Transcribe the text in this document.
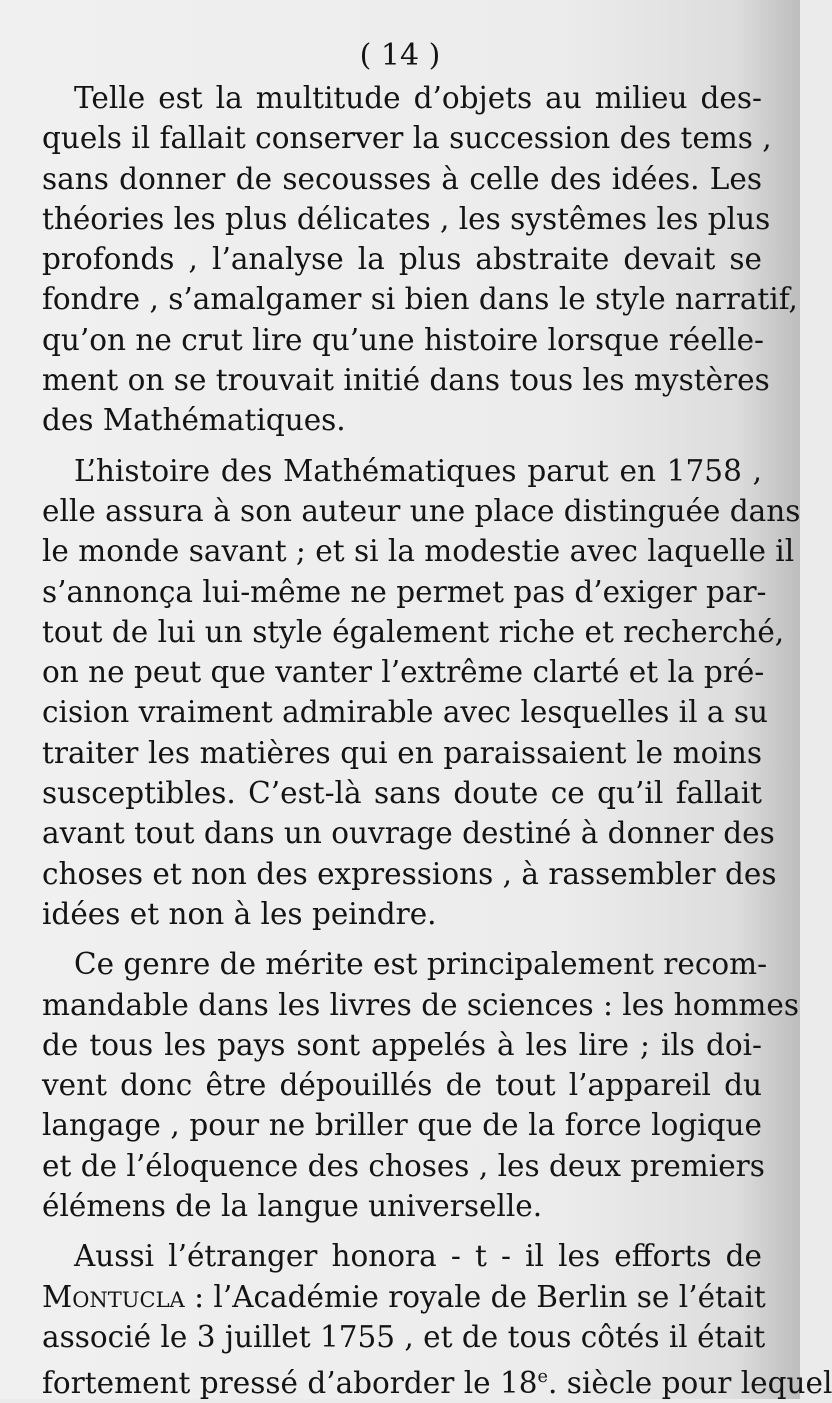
( 14 )
Telle est la multitude d’objets au milieu des-
quels il fallait conserver la succession des tems ,
sans donner de secousses à celle des idées. Les
théories les plus délicates , les systêmes les plus
profonds , l’analyse la plus abstraite devait se
fondre , s’amalgamer si bien dans le style narratif,
qu’on ne crut lire qu’une histoire lorsque réelle-
ment on se trouvait initié dans tous les mystères
des Mathématiques.
L’histoire des Mathématiques parut en 1758 ,
elle assura à son auteur une place distinguée dans
le monde savant ; et si la modestie avec laquelle il
s’annonça lui-même ne permet pas d’exiger par-
tout de lui un style également riche et recherché,
on ne peut que vanter l’extrême clarté et la pré-
cision vraiment admirable avec lesquelles il a su
traiter les matières qui en paraissaient le moins
susceptibles. C’est-là sans doute ce qu’il fallait
avant tout dans un ouvrage destiné à donner des
choses et non des expressions , à rassembler des
idées et non à les peindre.
Ce genre de mérite est principalement recom-
mandable dans les livres de sciences : les hommes
de tous les pays sont appelés à les lire ; ils doi-
vent donc être dépouillés de tout l’appareil du
langage , pour ne briller que de la force logique
et de l’éloquence des choses , les deux premiers
élémens de la langue universelle.
Aussi l’étranger honora - t - il les efforts de
Montucla : l’Académie royale de Berlin se l’était
associé le 3 juillet 1755 , et de tous côtés il était
fortement pressé d’aborder le 18e. siècle pour lequel
